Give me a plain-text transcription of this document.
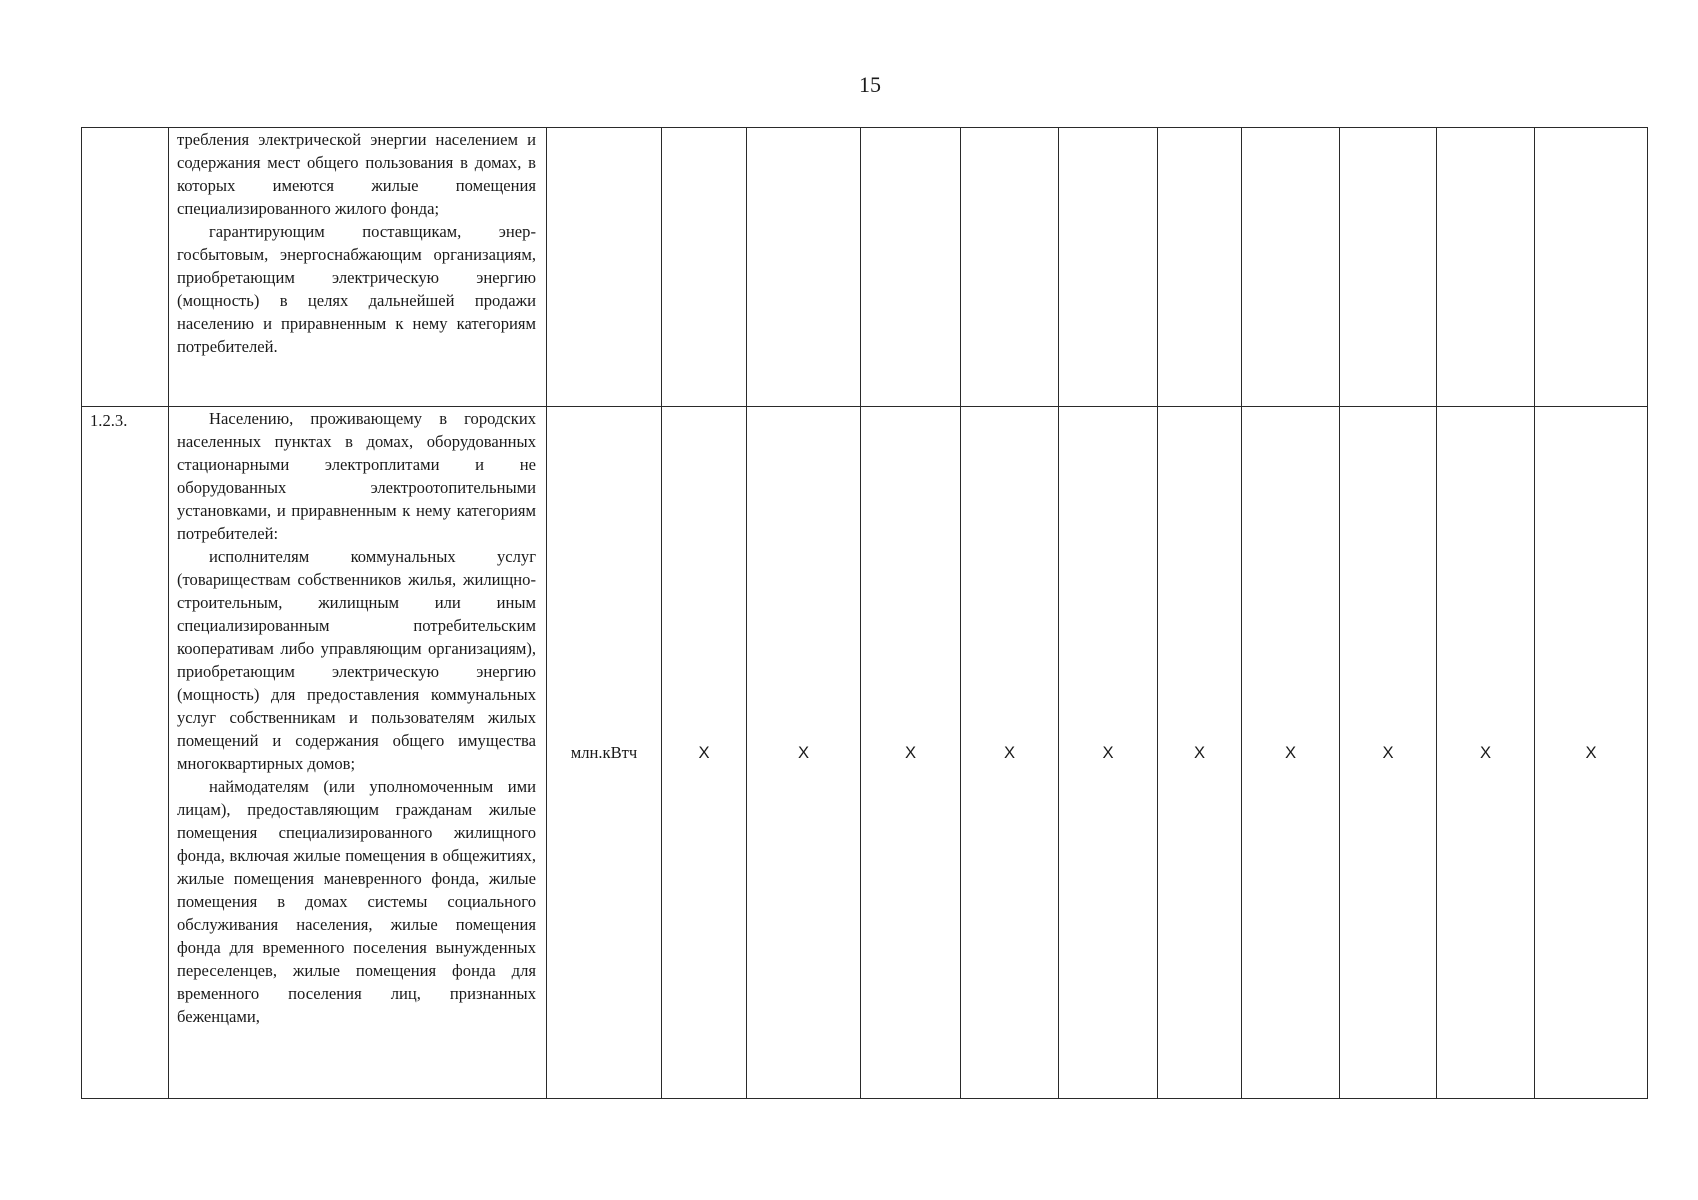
15

	требления электрической энергии населением и содержания мест общего пользования в домах, в которых имеются жилые помещения специализированного жилого фонда;

гарантирующим поставщикам, энергосбытовым, энергоснабжающим организациям, приобретающим электрическую энергию (мощность) в целях дальнейшей продажи населению и приравненным к нему категориям потребителей.											

1.2.3.	Населению, проживающему в городских населенных пунктах в домах, оборудованных стационарными электроплитами и не оборудованных электроотопительными установками, и приравненным к нему категориям потребителей:

исполнителям коммунальных услуг (товариществам собственников жилья, жилищно-строительным, жилищным или иным специализированным потребительским кооперативам либо управляющим организациям), приобретающим электрическую энергию (мощность) для предоставления коммунальных услуг собственникам и пользователям жилых помещений и содержания общего имущества многоквартирных домов;

наймодателям (или уполномоченным ими лицам), предоставляющим гражданам жилые помещения специализированного жилищного фонда, включая жилые помещения в общежитиях, жилые помещения маневренного фонда, жилые помещения в домах системы социального обслуживания населения, жилые помещения фонда для временного поселения вынужденных переселенцев, жилые помещения фонда для временного поселения лиц, признанных беженцами,	млн.кВтч	Х	Х	Х	Х	Х	Х	Х	Х	Х	Х
